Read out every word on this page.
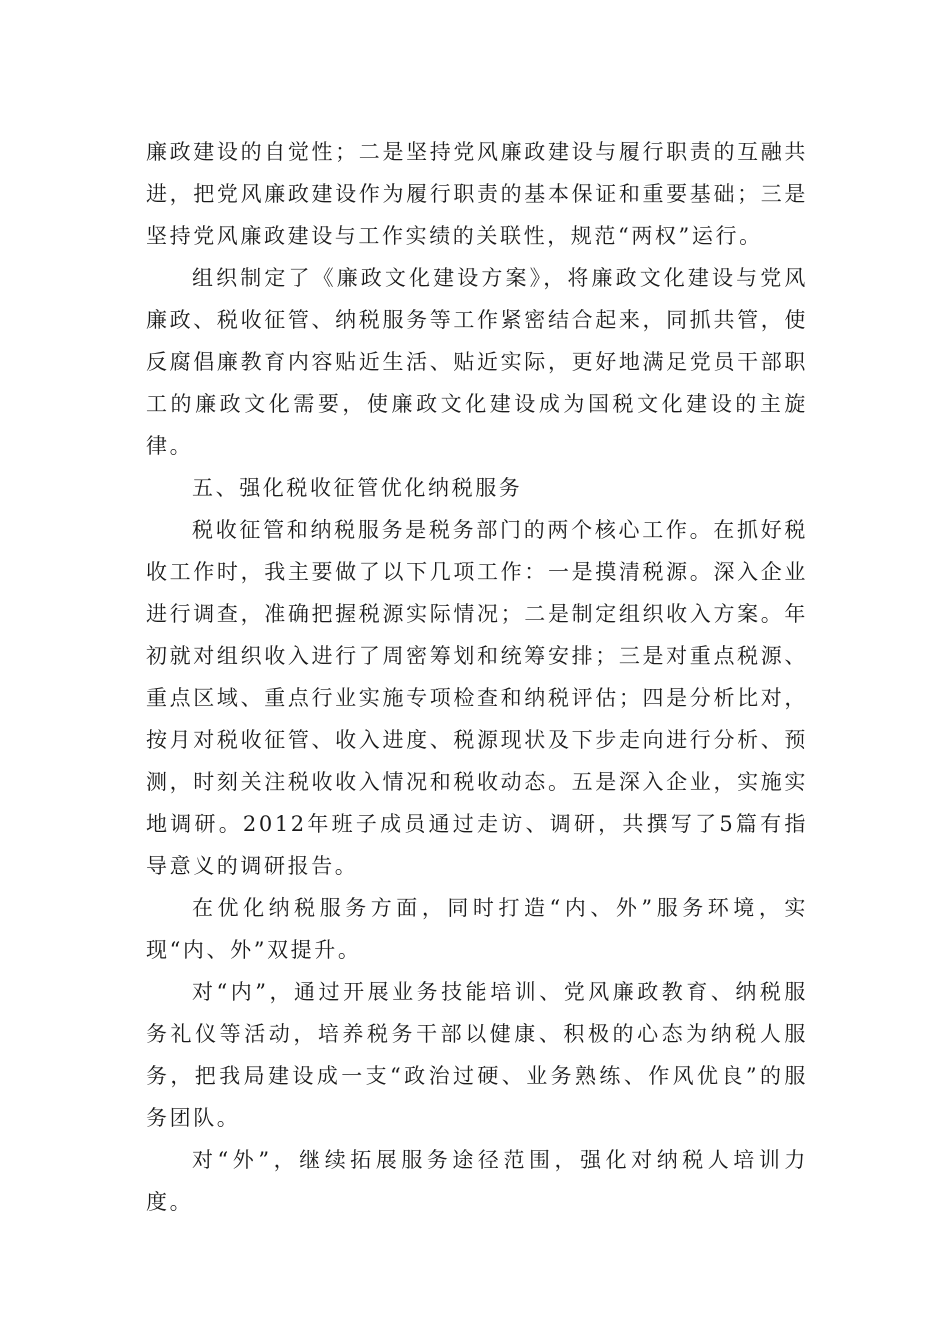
廉政建设的自觉性；二是坚持党风廉政建设与履行职责的互融共进，把党风廉政建设作为履行职责的基本保证和重要基础；三是坚持党风廉政建设与工作实绩的关联性，规范“两权”运行。

组织制定了《廉政文化建设方案》，将廉政文化建设与党风廉政、税收征管、纳税服务等工作紧密结合起来，同抓共管，使反腐倡廉教育内容贴近生活、贴近实际，更好地满足党员干部职工的廉政文化需要，使廉政文化建设成为国税文化建设的主旋律。

五、强化税收征管优化纳税服务

税收征管和纳税服务是税务部门的两个核心工作。在抓好税收工作时，我主要做了以下几项工作：一是摸清税源。深入企业进行调查，准确把握税源实际情况；二是制定组织收入方案。年初就对组织收入进行了周密筹划和统筹安排；三是对重点税源、重点区域、重点行业实施专项检查和纳税评估；四是分析比对，按月对税收征管、收入进度、税源现状及下步走向进行分析、预测，时刻关注税收收入情况和税收动态。五是深入企业，实施实地调研。2012年班子成员通过走访、调研，共撰写了5篇有指导意义的调研报告。

在优化纳税服务方面，同时打造“内、外”服务环境，实现“内、外”双提升。

对“内”，通过开展业务技能培训、党风廉政教育、纳税服务礼仪等活动，培养税务干部以健康、积极的心态为纳税人服务，把我局建设成一支“政治过硬、业务熟练、作风优良”的服务团队。

对“外”，继续拓展服务途径范围，强化对纳税人培训力度。
